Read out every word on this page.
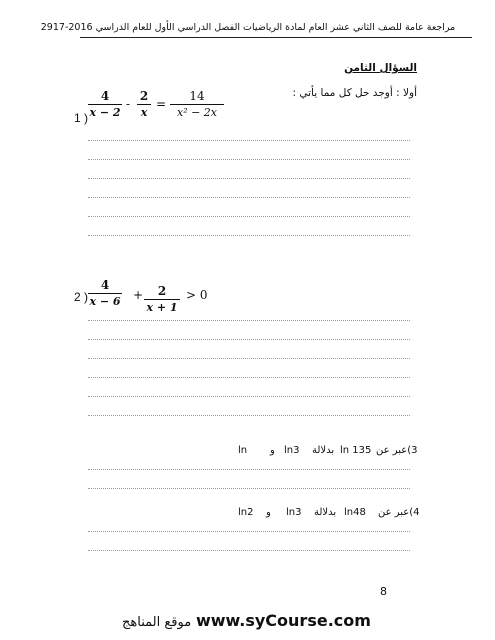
مراجعة عامة للصف الثاني عشر العام لمادة الرياضيات الفصل الدراسي الأول للعام الدراسي 2016-2917
السؤال الثامن
أولا : أوجد حل كل مما يأتي :
1 )
4
x − 2
-
2
x
=
14
x² − 2x
2 )
4
x − 6 +	2
x + 1
> 0
ln و ln3 بدلالة ln 135 3)عبر عن
ln2 و ln3 بدلالة ln48 4)عبر عن
8
موقع المناهج www.syCourse.com
